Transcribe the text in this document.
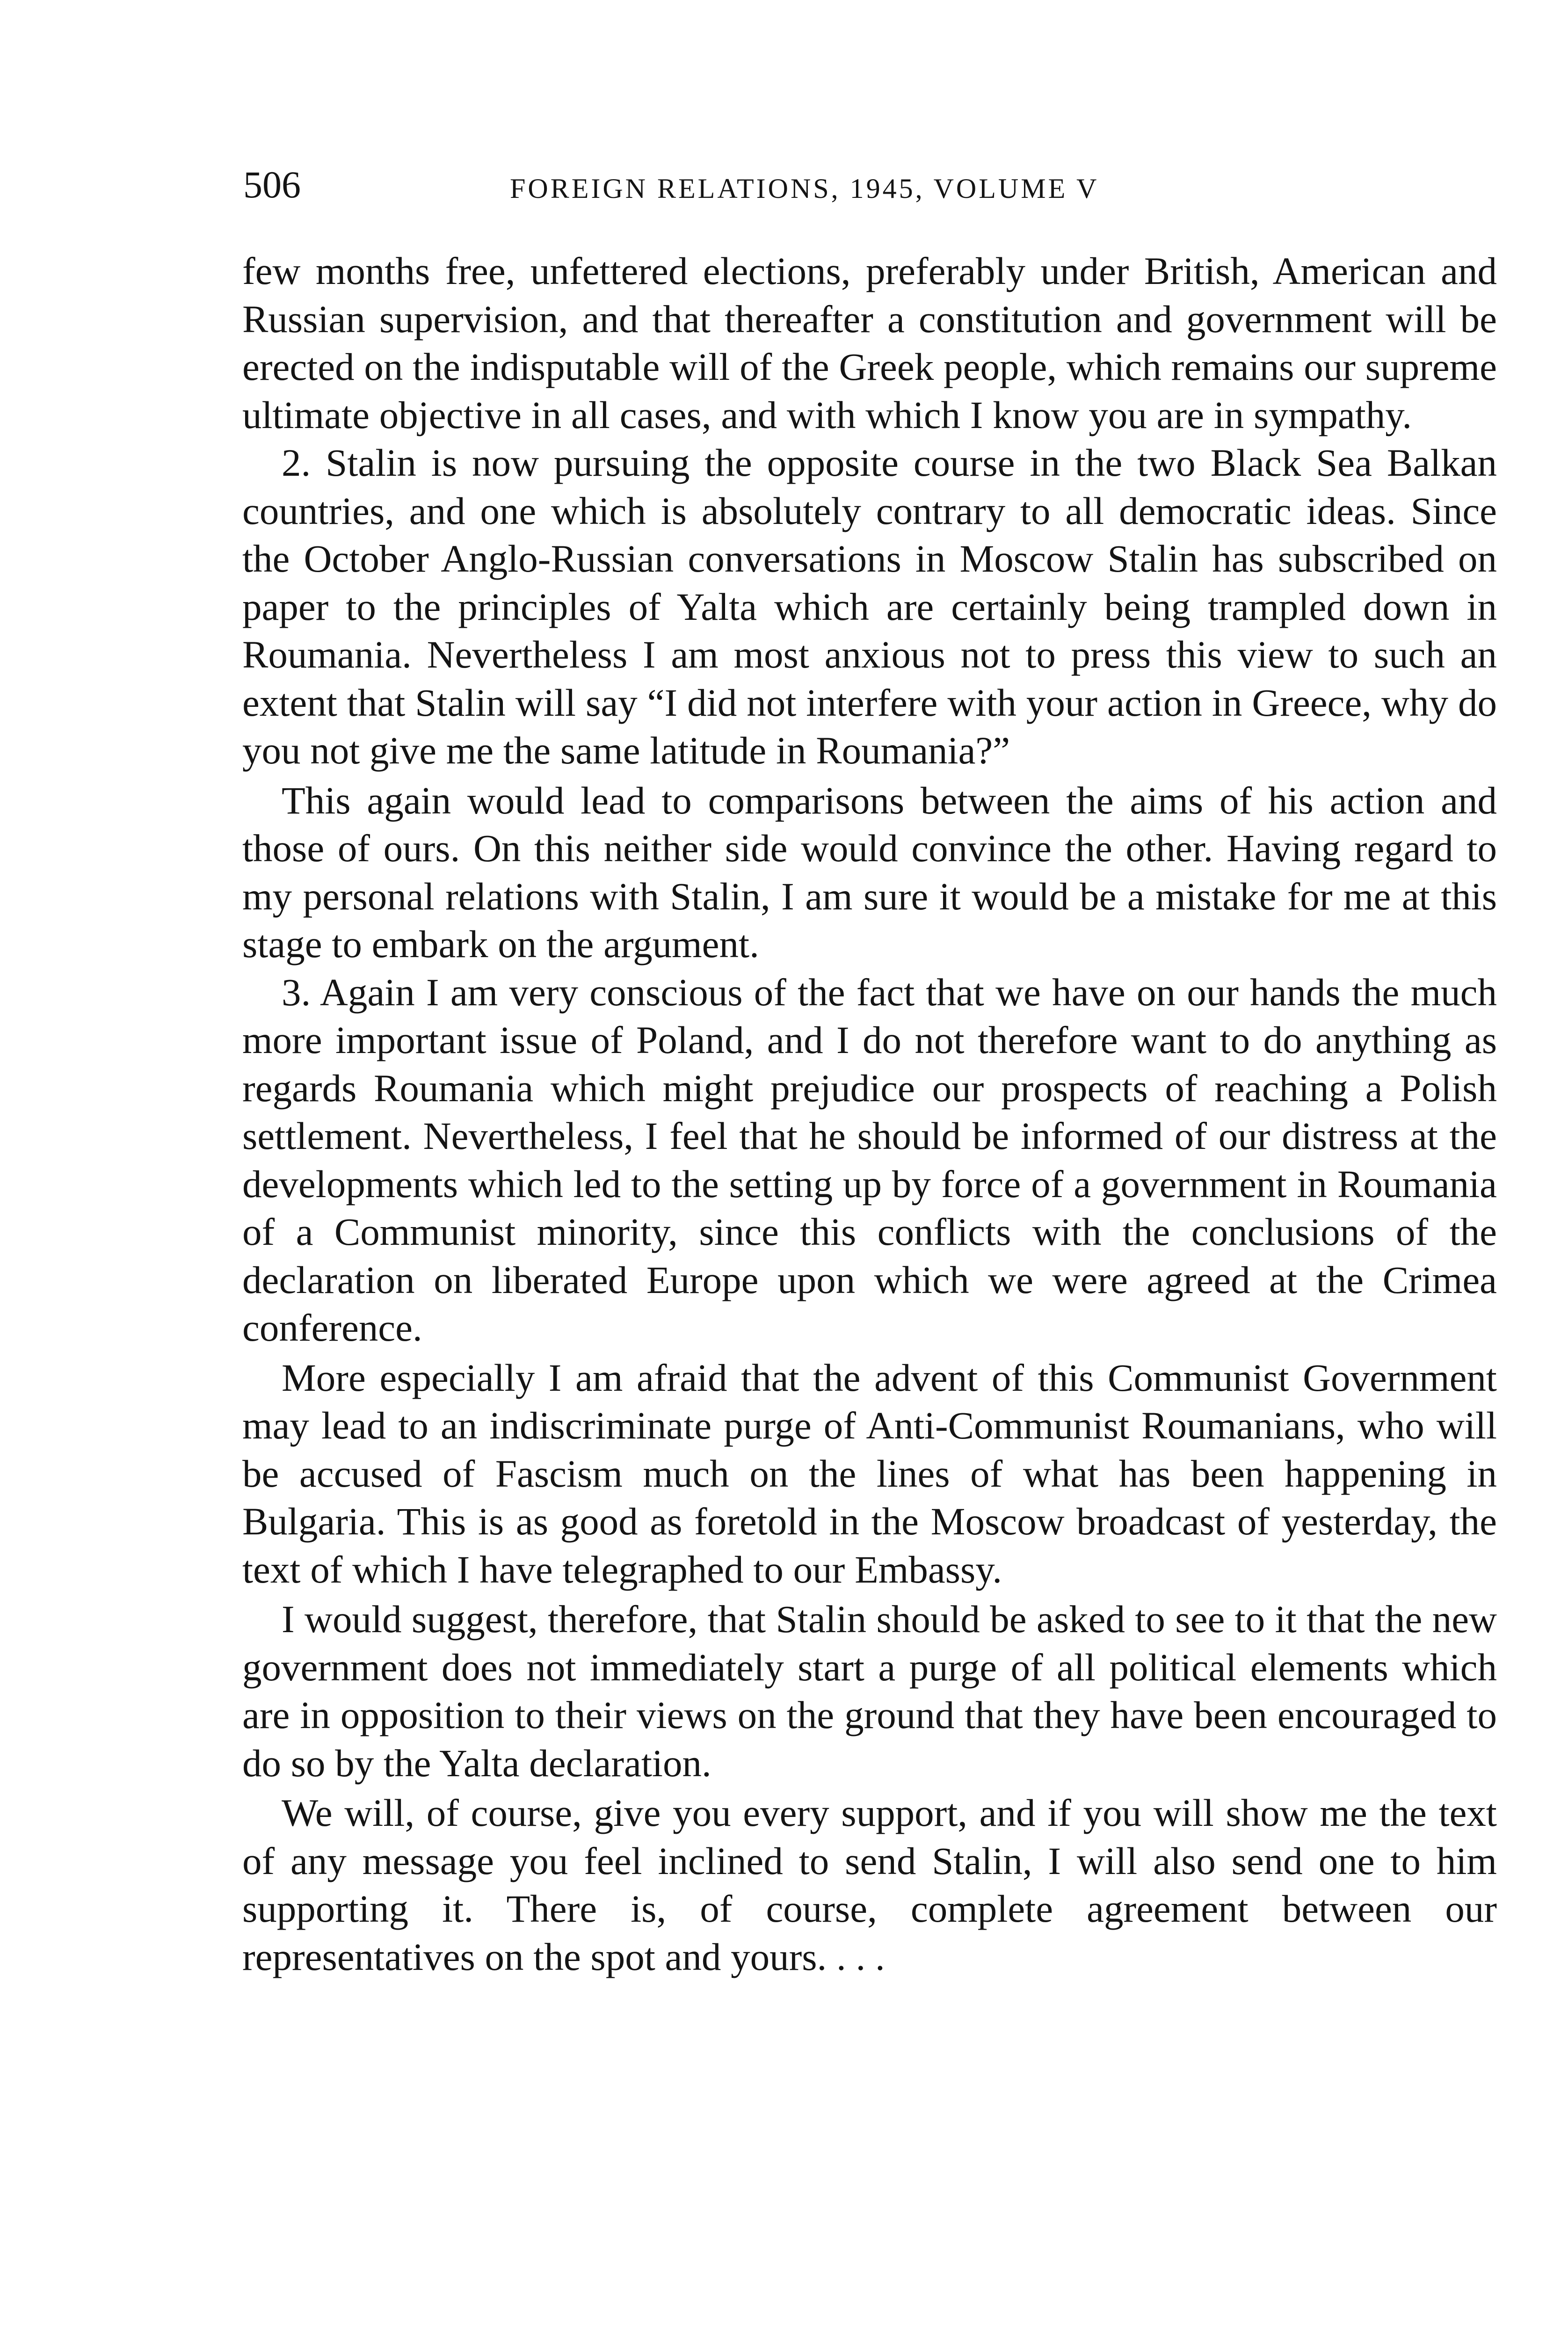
506	FOREIGN RELATIONS, 1945, VOLUME V

few months free, unfettered elections, preferably under British, American and Russian supervision, and that thereafter a constitution and government will be erected on the indisputable will of the Greek people, which remains our supreme ultimate objective in all cases, and with which I know you are in sympathy.

2. Stalin is now pursuing the opposite course in the two Black Sea Balkan countries, and one which is absolutely contrary to all democratic ideas. Since the October Anglo-Russian conversations in Moscow Stalin has subscribed on paper to the principles of Yalta which are certainly being trampled down in Roumania. Nevertheless I am most anxious not to press this view to such an extent that Stalin will say “I did not interfere with your action in Greece, why do you not give me the same latitude in Roumania?”

This again would lead to comparisons between the aims of his action and those of ours. On this neither side would convince the other. Having regard to my personal relations with Stalin, I am sure it would be a mistake for me at this stage to embark on the argument.

3. Again I am very conscious of the fact that we have on our hands the much more important issue of Poland, and I do not therefore want to do anything as regards Roumania which might prejudice our prospects of reaching a Polish settlement. Nevertheless, I feel that he should be informed of our distress at the developments which led to the setting up by force of a government in Roumania of a Communist minority, since this conflicts with the conclusions of the declaration on liberated Europe upon which we were agreed at the Crimea conference.

More especially I am afraid that the advent of this Communist Government may lead to an indiscriminate purge of Anti-Communist Roumanians, who will be accused of Fascism much on the lines of what has been happening in Bulgaria. This is as good as foretold in the Moscow broadcast of yesterday, the text of which I have telegraphed to our Embassy.

I would suggest, therefore, that Stalin should be asked to see to it that the new government does not immediately start a purge of all political elements which are in opposition to their views on the ground that they have been encouraged to do so by the Yalta declaration.

We will, of course, give you every support, and if you will show me the text of any message you feel inclined to send Stalin, I will also send one to him supporting it. There is, of course, complete agreement between our representatives on the spot and yours. . . .
